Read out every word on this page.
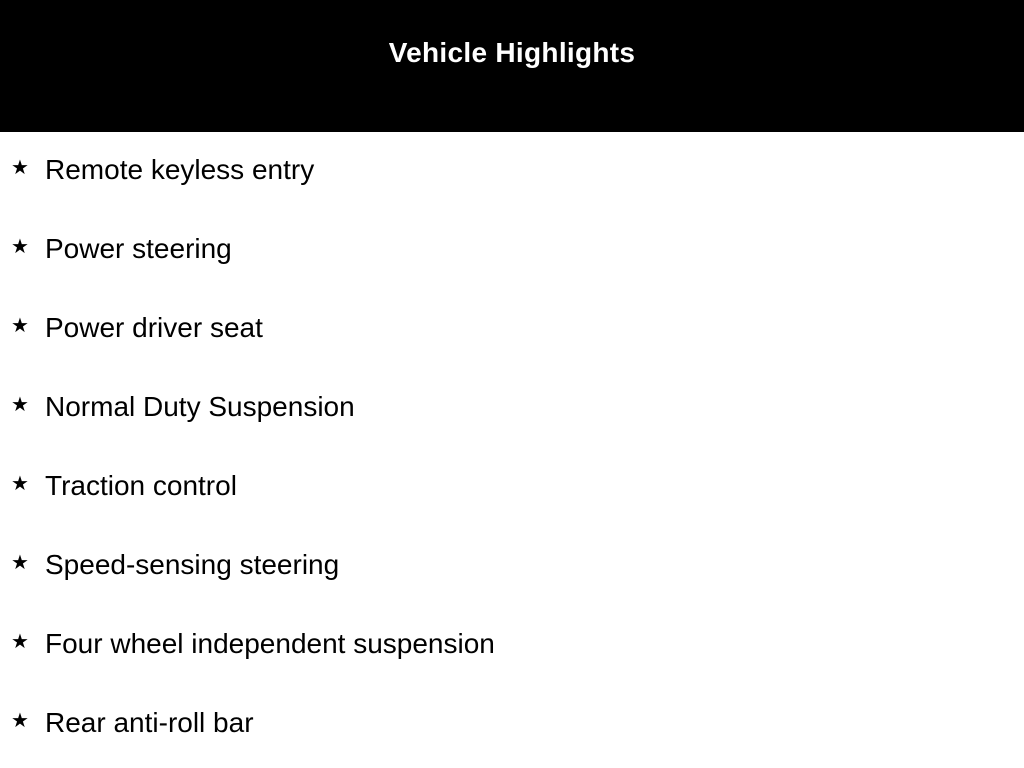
Vehicle Highlights
★ Remote keyless entry
★ Power steering
★ Power driver seat
★ Normal Duty Suspension
★ Traction control
★ Speed-sensing steering
★ Four wheel independent suspension
★ Rear anti-roll bar
